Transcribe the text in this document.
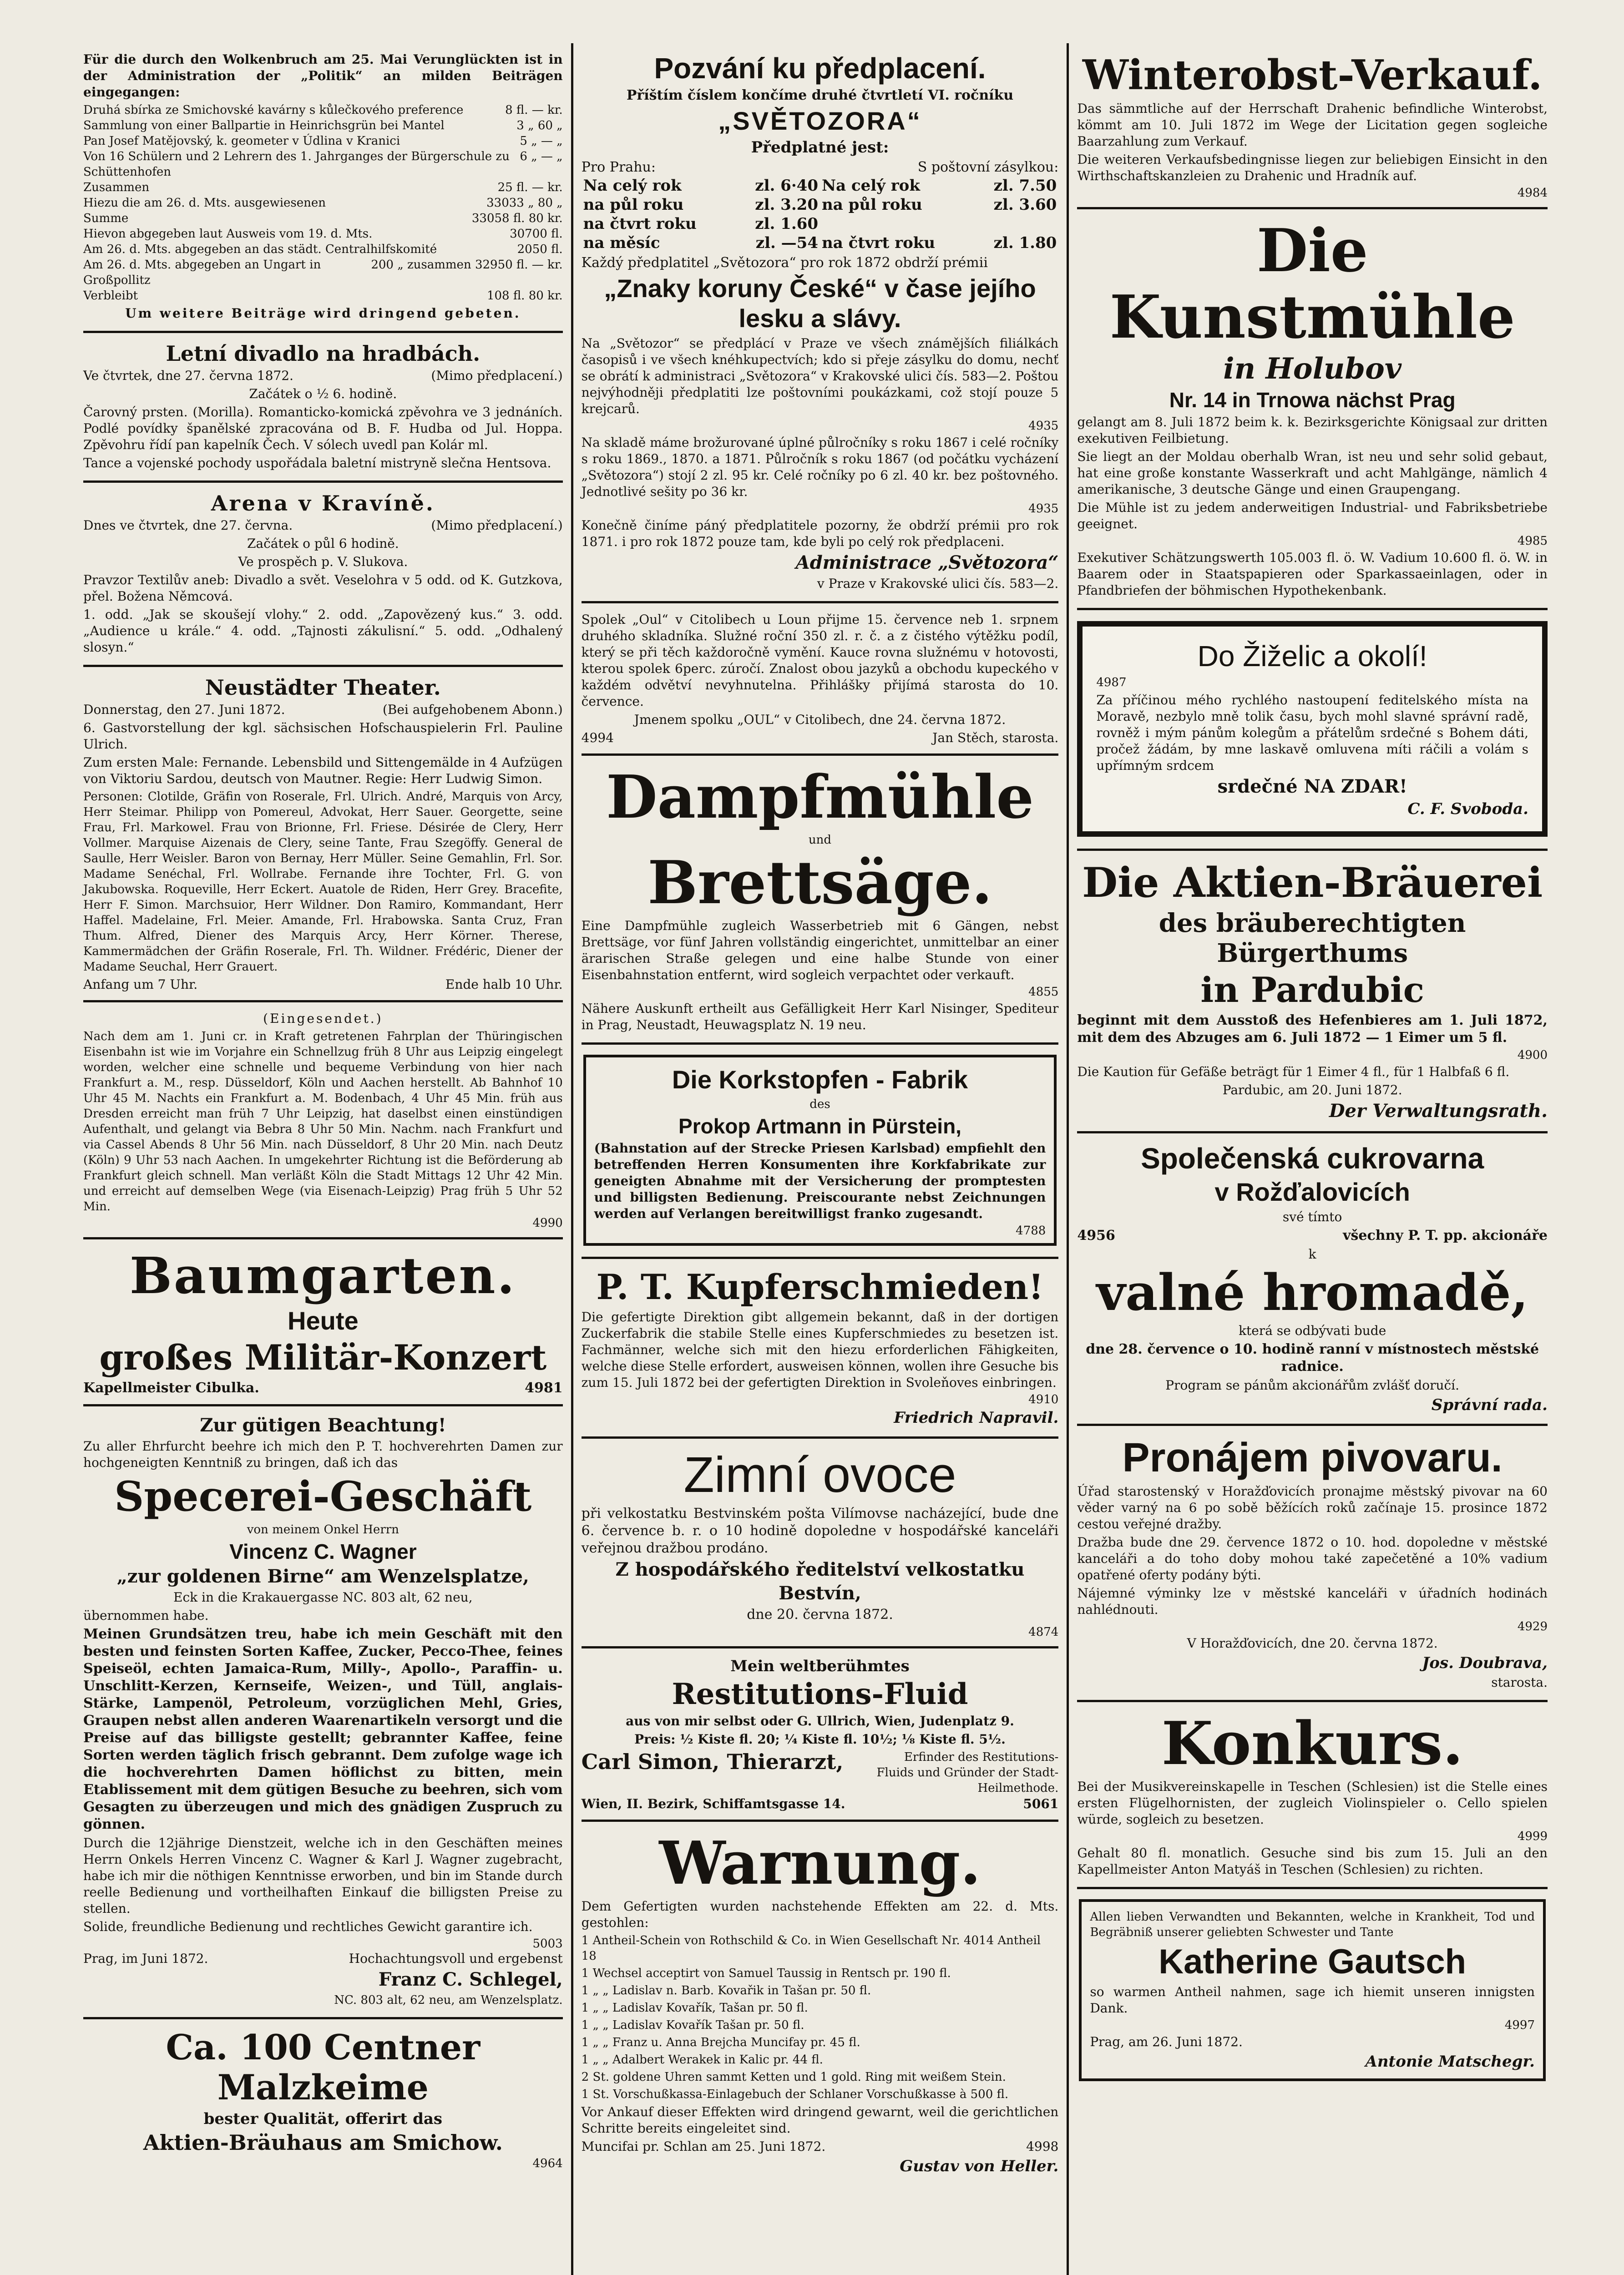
Für die durch den Wolkenbruch am 25. Mai Verunglückten ist in der Administration der „Politik“ an milden Beiträgen eingegangen:

Druhá sbírka ze Smichovské kavárny s kůlečkového preference	8 fl. — kr.
Sammlung von einer Ballpartie in Heinrichsgrün bei Mantel	3 „ 60 „
Pan Josef Matějovský, k. geometer v Údlina v Kranici	5 „ — „
Von 16 Schülern und 2 Lehrern des 1. Jahrganges der Bürgerschule zu Schüttenhofen
6 „ — „
Zusammen	25 fl. — kr.
Hiezu die am 26. d. Mts. ausgewiesenen	33033 „ 80 „
Summe	33058 fl. 80 kr.
Hievon abgegeben laut Ausweis vom 19. d. Mts.	30700 fl.
Am 26. d. Mts. abgegeben an das städt. Centralhilfskomité	2050 fl.
Am 26. d. Mts. abgegeben an Ungart in Großpollitz
200 „ zusammen 32950 fl. — kr.
Verbleibt	108 fl. 80 kr.

Um weitere Beiträge wird dringend gebeten.

Letní divadlo na hradbách.

Ve čtvrtek, dne 27. června 1872.	(Mimo předplacení.)

Začátek o ½ 6. hodině.

Čarovný prsten. (Morilla). Romanticko-komická zpěvohra ve 3 jednáních. Podlé povídky španělské zpracována od B. F. Hudba od Jul. Hoppa. Zpěvohru řídí pan kapelník Čech. V sólech uvedl pan Kolár ml.

Tance a vojenské pochody uspořádala baletní mistryně slečna Hentsova.

Arena v Kravíně.

Dnes ve čtvrtek, dne 27. června.	(Mimo předplacení.)

Začátek o půl 6 hodině.

Ve prospěch p. V. Slukova.

Pravzor Textilův aneb: Divadlo a svět. Veselohra v 5 odd. od K. Gutzkova, přel. Božena Němcová.

1. odd. „Jak se skoušejí vlohy.“ 2. odd. „Zapovězený kus.“ 3. odd. „Audience u krále.“ 4. odd. „Tajnosti zákulisní.“ 5. odd. „Odhalený slosyn.“

Neustädter Theater.

Donnerstag, den 27. Juni 1872.	(Bei aufgehobenem Abonn.)

6. Gastvorstellung der kgl. sächsischen Hofschauspielerin Frl. Pauline Ulrich.

Zum ersten Male: Fernande. Lebensbild und Sittengemälde in 4 Aufzügen von Viktoriu Sardou, deutsch von Mautner. Regie: Herr Ludwig Simon.

Personen: Clotilde, Gräfin von Roserale, Frl. Ulrich. André, Marquis von Arcy, Herr Steimar. Philipp von Pomereul, Advokat, Herr Sauer. Georgette, seine Frau, Frl. Markowel. Frau von Brionne, Frl. Friese. Désirée de Clery, Herr Vollmer. Marquise Aizenais de Clery, seine Tante, Frau Szegöffy. General de Saulle, Herr Weisler. Baron von Bernay, Herr Müller. Seine Gemahlin, Frl. Sor. Madame Senéchal, Frl. Wollrabe. Fernande ihre Tochter, Frl. G. von Jakubowska. Roqueville, Herr Eckert. Auatole de Riden, Herr Grey. Bracefite, Herr F. Simon. Marchsuior, Herr Wildner. Don Ramiro, Kommandant, Herr Haffel. Madelaine, Frl. Meier. Amande, Frl. Hrabowska. Santa Cruz, Fran Thum. Alfred, Diener des Marquis Arcy, Herr Körner. Therese, Kammermädchen der Gräfin Roserale, Frl. Th. Wildner. Frédéric, Diener der Madame Seuchal, Herr Grauert.

Anfang um 7 Uhr.	Ende halb 10 Uhr.

(Eingesendet.)

Nach dem am 1. Juni cr. in Kraft getretenen Fahrplan der Thüringischen Eisenbahn ist wie im Vorjahre ein Schnellzug früh 8 Uhr aus Leipzig eingelegt worden, welcher eine schnelle und bequeme Verbindung von hier nach Frankfurt a. M., resp. Düsseldorf, Köln und Aachen herstellt. Ab Bahnhof 10 Uhr 45 M. Nachts ein Frankfurt a. M. Bodenbach, 4 Uhr 45 Min. früh aus Dresden erreicht man früh 7 Uhr Leipzig, hat daselbst einen einstündigen Aufenthalt, und gelangt via Bebra 8 Uhr 50 Min. Nachm. nach Frankfurt und via Cassel Abends 8 Uhr 56 Min. nach Düsseldorf, 8 Uhr 20 Min. nach Deutz (Köln) 9 Uhr 53 nach Aachen. In umgekehrter Richtung ist die Beförderung ab Frankfurt gleich schnell. Man verläßt Köln die Stadt Mittags 12 Uhr 42 Min. und erreicht auf demselben Wege (via Eisenach-Leipzig) Prag früh 5 Uhr 52 Min.

4990

Baumgarten.

Heute

großes Militär-Konzert

Kapellmeister Cibulka.	4981

Zur gütigen Beachtung!

Zu aller Ehrfurcht beehre ich mich den P. T. hochverehrten Damen zur hochgeneigten Kenntniß zu bringen, daß ich das

Specerei-Geschäft

von meinem Onkel Herrn

Vincenz C. Wagner

„zur goldenen Birne“ am Wenzelsplatze,

Eck in die Krakauergasse NC. 803 alt, 62 neu,

übernommen habe.

Meinen Grundsätzen treu, habe ich mein Geschäft mit den besten und feinsten Sorten Kaffee, Zucker, Pecco-Thee, feines Speiseöl, echten Jamaica-Rum, Milly-, Apollo-, Paraffin- u. Unschlitt-Kerzen, Kernseife, Weizen-, und Tüll, anglais-Stärke, Lampenöl, Petroleum, vorzüglichen Mehl, Gries, Graupen nebst allen anderen Waarenartikeln versorgt und die Preise auf das billigste gestellt; gebrannter Kaffee, feine Sorten werden täglich frisch gebrannt. Dem zufolge wage ich die hochverehrten Damen höflichst zu bitten, mein Etablissement mit dem gütigen Besuche zu beehren, sich vom Gesagten zu überzeugen und mich des gnädigen Zuspruch zu gönnen.

Durch die 12jährige Dienstzeit, welche ich in den Geschäften meines Herrn Onkels Herren Vincenz C. Wagner & Karl J. Wagner zugebracht, habe ich mir die nöthigen Kenntnisse erworben, und bin im Stande durch reelle Bedienung und vortheilhaften Einkauf die billigsten Preise zu stellen.

Solide, freundliche Bedienung und rechtliches Gewicht garantire ich.

5003
Prag, im Juni 1872.	Hochachtungsvoll und ergebenst

Franz C. Schlegel,

NC. 803 alt, 62 neu, am Wenzelsplatz.

Ca. 100 Centner Malzkeime

bester Qualität, offerirt das

Aktien-Bräuhaus am Smichow.

4964

Pozvání ku předplacení.

Příštím číslem končíme druhé čtvrtletí VI. ročníku

„SVĚTOZORA“

Předplatné jest:

Pro Prahu:	S poštovní zásylkou:
Na celý rok	zl. 6·40	Na celý rok	zl. 7.50
na půl roku	zl. 3.20	na půl roku	zl. 3.60
na čtvrt roku	zl. 1.60		
na měsíc	zl. —54	na čtvrt roku	zl. 1.80

Každý předplatitel „Světozora“ pro rok 1872 obdrží prémii

„Znaky koruny České“ v čase jejího lesku a slávy.

Na „Světozor“ se předplácí v Praze ve všech známějších filiálkách časopisů i ve všech knéhkupectvích; kdo si přeje zásylku do domu, nechť se obrátí k administraci „Světozora“ v Krakovské ulici čís. 583—2. Poštou nejvýhodněji předplatiti lze poštovními poukázkami, což stojí pouze 5 krejcarů.

4935

Na skladě máme brožurované úplné půlročníky s roku 1867 i celé ročníky s roku 1869., 1870. a 1871. Půlročník s roku 1867 (od počátku vycházení „Světozora“) stojí 2 zl. 95 kr. Celé ročníky po 6 zl. 40 kr. bez poštovného. Jednotlivé sešity po 36 kr.

4935

Konečně činíme páný předplatitele pozorny, že obdrží prémii pro rok 1871. i pro rok 1872 pouze tam, kde byli po celý rok předplaceni.

Administrace „Světozora“

v Praze v Krakovské ulici čís. 583—2.

Spolek „Oul“ v Citolibech u Loun přijme 15. července neb 1. srpnem druhého skladníka. Služné roční 350 zl. r. č. a z čistého výtěžku podíl, který se při těch každoročně vymění. Kauce rovna služnému v hotovosti, kterou spolek 6perc. zúročí. Znalost obou jazyků a obchodu kupeckého v každém odvětví nevyhnutelna. Přihlášky přijímá starosta do 10. července.

Jmenem spolku „OUL“ v Citolibech, dne 24. června 1872.

4994	Jan Stěch, starosta.

Dampfmühle

und

Brettsäge.

Eine Dampfmühle zugleich Wasserbetrieb mit 6 Gängen, nebst Brettsäge, vor fünf Jahren vollständig eingerichtet, unmittelbar an einer ärarischen Straße gelegen und eine halbe Stunde von einer Eisenbahnstation entfernt, wird sogleich verpachtet oder verkauft.

4855

Nähere Auskunft ertheilt aus Gefälligkeit Herr Karl Nisinger, Spediteur in Prag, Neustadt, Heuwagsplatz N. 19 neu.

Die Korkstopfen - Fabrik

des

Prokop Artmann in Pürstein,

(Bahnstation auf der Strecke Priesen Karlsbad) empfiehlt den betreffenden Herren Konsumenten ihre Korkfabrikate zur geneigten Abnahme mit der Versicherung der promptesten und billigsten Bedienung. Preiscourante nebst Zeichnungen werden auf Verlangen bereitwilligst franko zugesandt.

4788

P. T. Kupferschmieden!

Die gefertigte Direktion gibt allgemein bekannt, daß in der dortigen Zuckerfabrik die stabile Stelle eines Kupferschmiedes zu besetzen ist. Fachmänner, welche sich mit den hiezu erforderlichen Fähigkeiten, welche diese Stelle erfordert, ausweisen können, wollen ihre Gesuche bis zum 15. Juli 1872 bei der gefertigten Direktion in Svoleňoves einbringen.

4910

Friedrich Napravil.

Zimní ovoce

při velkostatku Bestvinském pošta Vilímovse nacházející, bude dne 6. července b. r. o 10 hodině dopoledne v hospodářské kanceláři veřejnou dražbou prodáno.

Z hospodářského ředitelství velkostatku

Bestvín,

dne 20. června 1872.

4874

Mein weltberühmtes

Restitutions-Fluid

aus von mir selbst oder G. Ullrich, Wien, Judenplatz 9.

Preis: ½ Kiste fl. 20; ¼ Kiste fl. 10½; ⅛ Kiste fl. 5½.

Carl Simon, Thierarzt,	Erfinder des Restitutions-Fluids und Gründer der Stadt-Heilmethode.
Wien, II. Bezirk, Schiffamtsgasse 14.	5061

Warnung.

Dem Gefertigten wurden nachstehende Effekten am 22. d. Mts. gestohlen:

1 Antheil-Schein von Rothschild & Co. in Wien Gesellschaft Nr. 4014 Antheil 18

1 Wechsel acceptirt von Samuel Taussig in Rentsch pr. 190 fl.

1 „ „ Ladislav n. Barb. Kovařik in Tašan pr. 50 fl.

1 „ „ Ladislav Kovařík, Tašan pr. 50 fl.

1 „ „ Ladislav Kovařík Tašan pr. 50 fl.

1 „ „ Franz u. Anna Brejcha Muncifay pr. 45 fl.

1 „ „ Adalbert Werakek in Kalic pr. 44 fl.

2 St. goldene Uhren sammt Ketten und 1 gold. Ring mit weißem Stein.

1 St. Vorschußkassa-Einlagebuch der Schlaner Vorschußkasse à 500 fl.

Vor Ankauf dieser Effekten wird dringend gewarnt, weil die gerichtlichen Schritte bereits eingeleitet sind.

Muncifai pr. Schlan am 25. Juni 1872.	4998

Gustav von Heller.

Winterobst-Verkauf.

Das sämmtliche auf der Herrschaft Drahenic befindliche Winterobst, kömmt am 10. Juli 1872 im Wege der Licitation gegen sogleiche Baarzahlung zum Verkauf.

Die weiteren Verkaufsbedingnisse liegen zur beliebigen Einsicht in den Wirthschaftskanzleien zu Drahenic und Hradník auf.

4984

Die Kunstmühle

in Holubov

Nr. 14 in Trnowa nächst Prag

gelangt am 8. Juli 1872 beim k. k. Bezirksgerichte Königsaal zur dritten exekutiven Feilbietung.

Sie liegt an der Moldau oberhalb Wran, ist neu und sehr solid gebaut, hat eine große konstante Wasserkraft und acht Mahlgänge, nämlich 4 amerikanische, 3 deutsche Gänge und einen Graupengang.

Die Mühle ist zu jedem anderweitigen Industrial- und Fabriksbetriebe geeignet.

4985

Exekutiver Schätzungswerth 105.003 fl. ö. W. Vadium 10.600 fl. ö. W. in Baarem oder in Staatspapieren oder Sparkassaeinlagen, oder in Pfandbriefen der böhmischen Hypothekenbank.

Do Žiželic a okolí!

4987

Za příčinou mého rychlého nastoupení feditelského místa na Moravě, nezbylo mně tolik času, bych mohl slavné správní radě, rovněž i mým pánům kolegům a přátelům srdečné s Bohem dáti, pročež žádám, by mne laskavě omluvena míti ráčili a volám s upřímným srdcem

srdečné NA ZDAR!

C. F. Svoboda.

Die Aktien-Bräuerei

des bräuberechtigten Bürgerthums

in Pardubic

beginnt mit dem Ausstoß des Hefenbieres am 1. Juli 1872, mit dem des Abzuges am 6. Juli 1872 — 1 Eimer um 5 fl.

4900

Die Kaution für Gefäße beträgt für 1 Eimer 4 fl., für 1 Halbfaß 6 fl.

Pardubic, am 20. Juni 1872.

Der Verwaltungsrath.

Společenská cukrovarna

v Rožďalovicích

své tímto

4956	všechny P. T. pp. akcionáře

k

valné hromadě,

která se odbývati bude

dne 28. července o 10. hodině ranní v místnostech městské radnice.

Program se pánům akcionářům zvlášť doručí.

Správní rada.

Pronájem pivovaru.

Úřad starostenský v Horažďovicích pronajme městský pivovar na 60 věder varný na 6 po sobě běžících roků začínaje 15. prosince 1872 cestou veřejné dražby.

Dražba bude dne 29. července 1872 o 10. hod. dopoledne v městské kanceláři a do toho doby mohou také zapečetěné a 10% vadium opatřené oferty podány býti.

Nájemné výminky lze v městské kanceláři v úřadních hodinách nahlédnouti.

4929

V Horažďovicích, dne 20. června 1872.

Jos. Doubrava,

starosta.

Konkurs.

Bei der Musikvereinskapelle in Teschen (Schlesien) ist die Stelle eines ersten Flügelhornisten, der zugleich Violinspieler o. Cello spielen würde, sogleich zu besetzen.

4999

Gehalt 80 fl. monatlich. Gesuche sind bis zum 15. Juli an den Kapellmeister Anton Matyáš in Teschen (Schlesien) zu richten.

Allen lieben Verwandten und Bekannten, welche in Krankheit, Tod und Begräbniß unserer geliebten Schwester und Tante

Katherine Gautsch

so warmen Antheil nahmen, sage ich hiemit unseren innigsten Dank.

4997

Prag, am 26. Juni 1872.

Antonie Matschegr.
